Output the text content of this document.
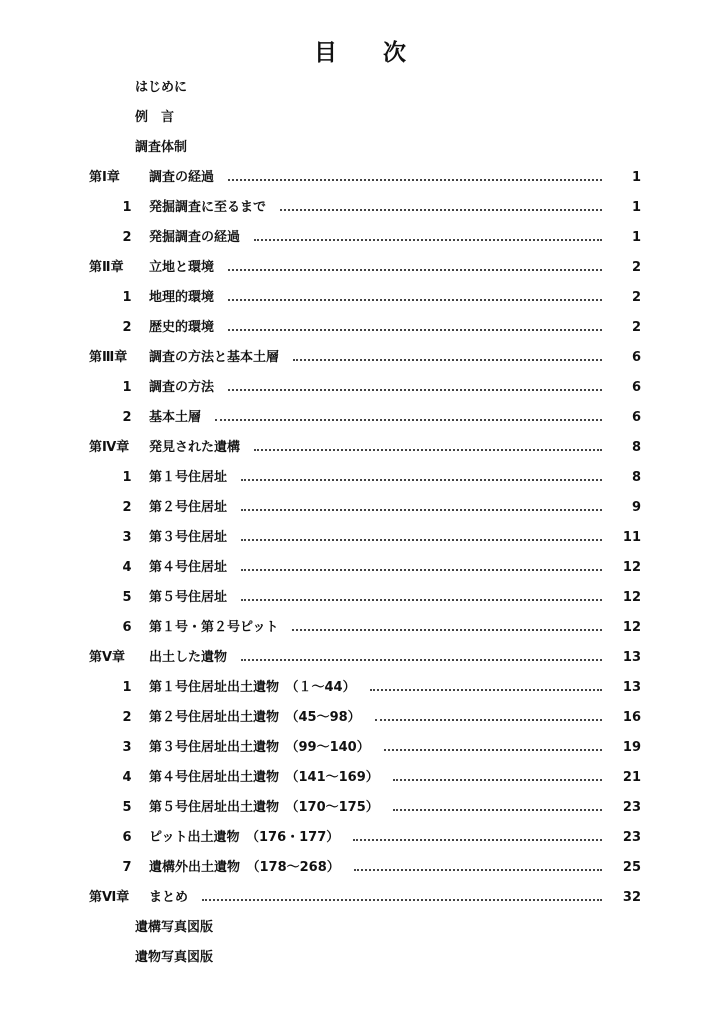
目 次
はじめに
例　言
調査体制
第Ⅰ章 調査の経過	1
1 発掘調査に至るまで	1
2 発掘調査の経過	1
第Ⅱ章 立地と環境	2
1 地理的環境	2
2 歴史的環境	2
第Ⅲ章 調査の方法と基本土層	6
1 調査の方法	6
2 基本土層	6
第Ⅳ章 発見された遺構	8
1 第１号住居址	8
2 第２号住居址	9
3 第３号住居址	11
4 第４号住居址	12
5 第５号住居址	12
6 第１号・第２号ピット	12
第Ⅴ章 出土した遺物	13
1 第１号住居址出土遺物　（１～44）	13
2 第２号住居址出土遺物　（45～98）	16
3 第３号住居址出土遺物　（99～140）	19
4 第４号住居址出土遺物　（141～169）	21
5 第５号住居址出土遺物　（170～175）	23
6 ピット出土遺物　（176・177）	23
7 遺構外出土遺物　（178～268）	25
第Ⅵ章 まとめ	32
遺構写真図版
遺物写真図版
